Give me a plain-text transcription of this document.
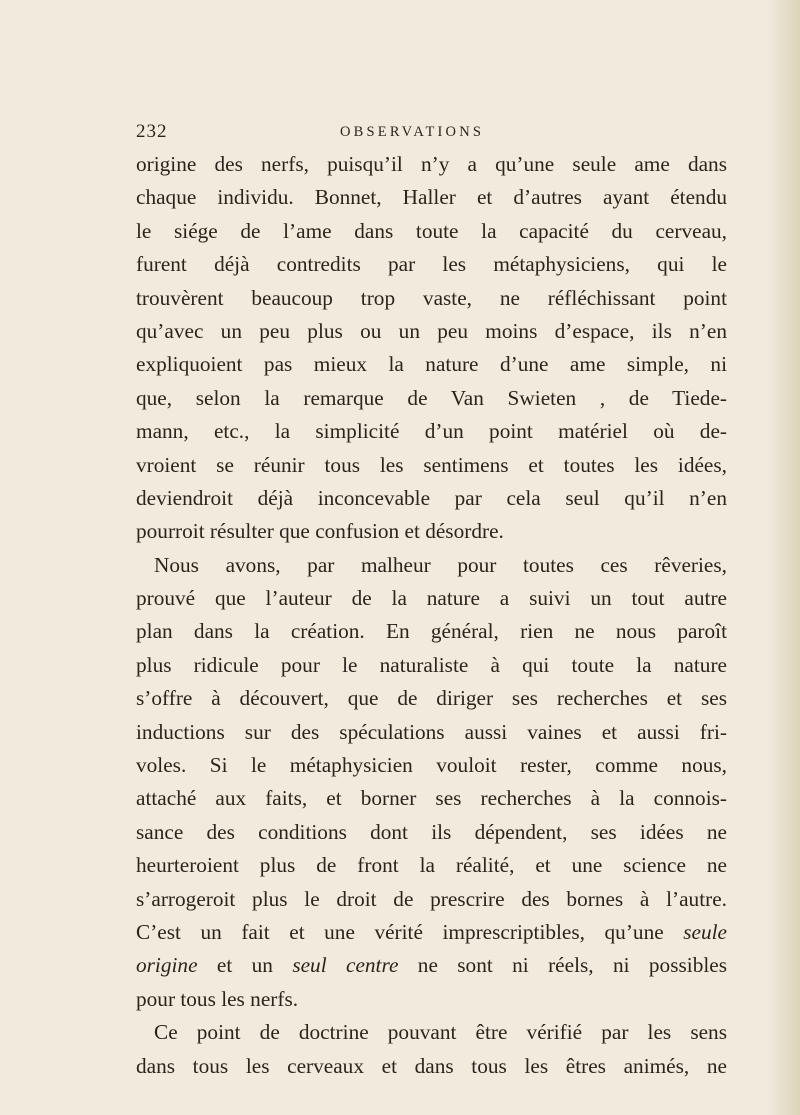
232	OBSERVATIONS
origine des nerfs, puisqu’il n’y a qu’une seule ame dans
chaque individu. Bonnet, Haller et d’autres ayant étendu
le siége de l’ame dans toute la capacité du cerveau,
furent déjà contredits par les métaphysiciens, qui le
trouvèrent beaucoup trop vaste, ne réfléchissant point
qu’avec un peu plus ou un peu moins d’espace, ils n’en
expliquoient pas mieux la nature d’une ame simple, ni
que, selon la remarque de Van Swieten , de Tiede-
mann, etc., la simplicité d’un point matériel où de-
vroient se réunir tous les sentimens et toutes les idées,
deviendroit déjà inconcevable par cela seul qu’il n’en
pourroit résulter que confusion et désordre.
Nous avons, par malheur pour toutes ces rêveries,
prouvé que l’auteur de la nature a suivi un tout autre
plan dans la création. En général, rien ne nous paroît
plus ridicule pour le naturaliste à qui toute la nature
s’offre à découvert, que de diriger ses recherches et ses
inductions sur des spéculations aussi vaines et aussi fri-
voles. Si le métaphysicien vouloit rester, comme nous,
attaché aux faits, et borner ses recherches à la connois-
sance des conditions dont ils dépendent, ses idées ne
heurteroient plus de front la réalité, et une science ne
s’arrogeroit plus le droit de prescrire des bornes à l’autre.
C’est un fait et une vérité imprescriptibles, qu’une seule
origine et un seul centre ne sont ni réels, ni possibles
pour tous les nerfs.
Ce point de doctrine pouvant être vérifié par les sens
dans tous les cerveaux et dans tous les êtres animés, ne
